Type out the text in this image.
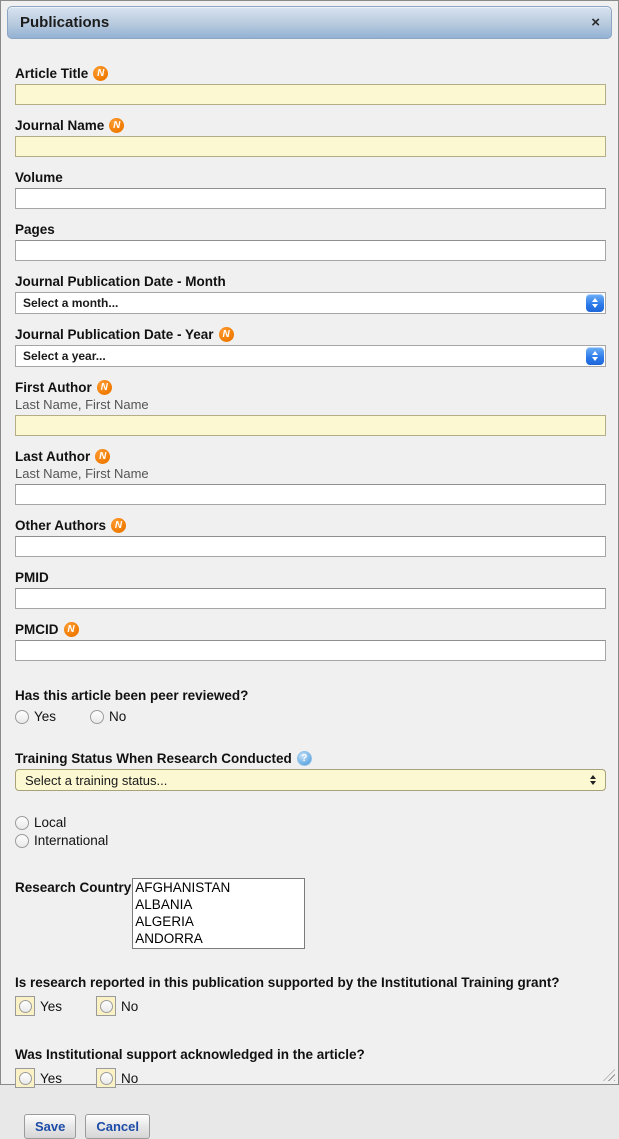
Publications	×
Article Title N
Journal Name N
Volume
Pages
Journal Publication Date - Month
Select a month...
Journal Publication Date - Year N
Select a year...
First Author N
Last Name, First Name
Last Author N
Last Name, First Name
Other Authors N
PMID
PMCID N
Has this article been peer reviewed?
Yes	No
Training Status When Research Conducted ?
Select a training status...
Local
International
Research Country AFGHANISTAN
ALBANIA
ALGERIA
ANDORRA
Is research reported in this publication supported by the Institutional Training grant?
Yes	No
Was Institutional support acknowledged in the article?
Yes	No
Save	Cancel
